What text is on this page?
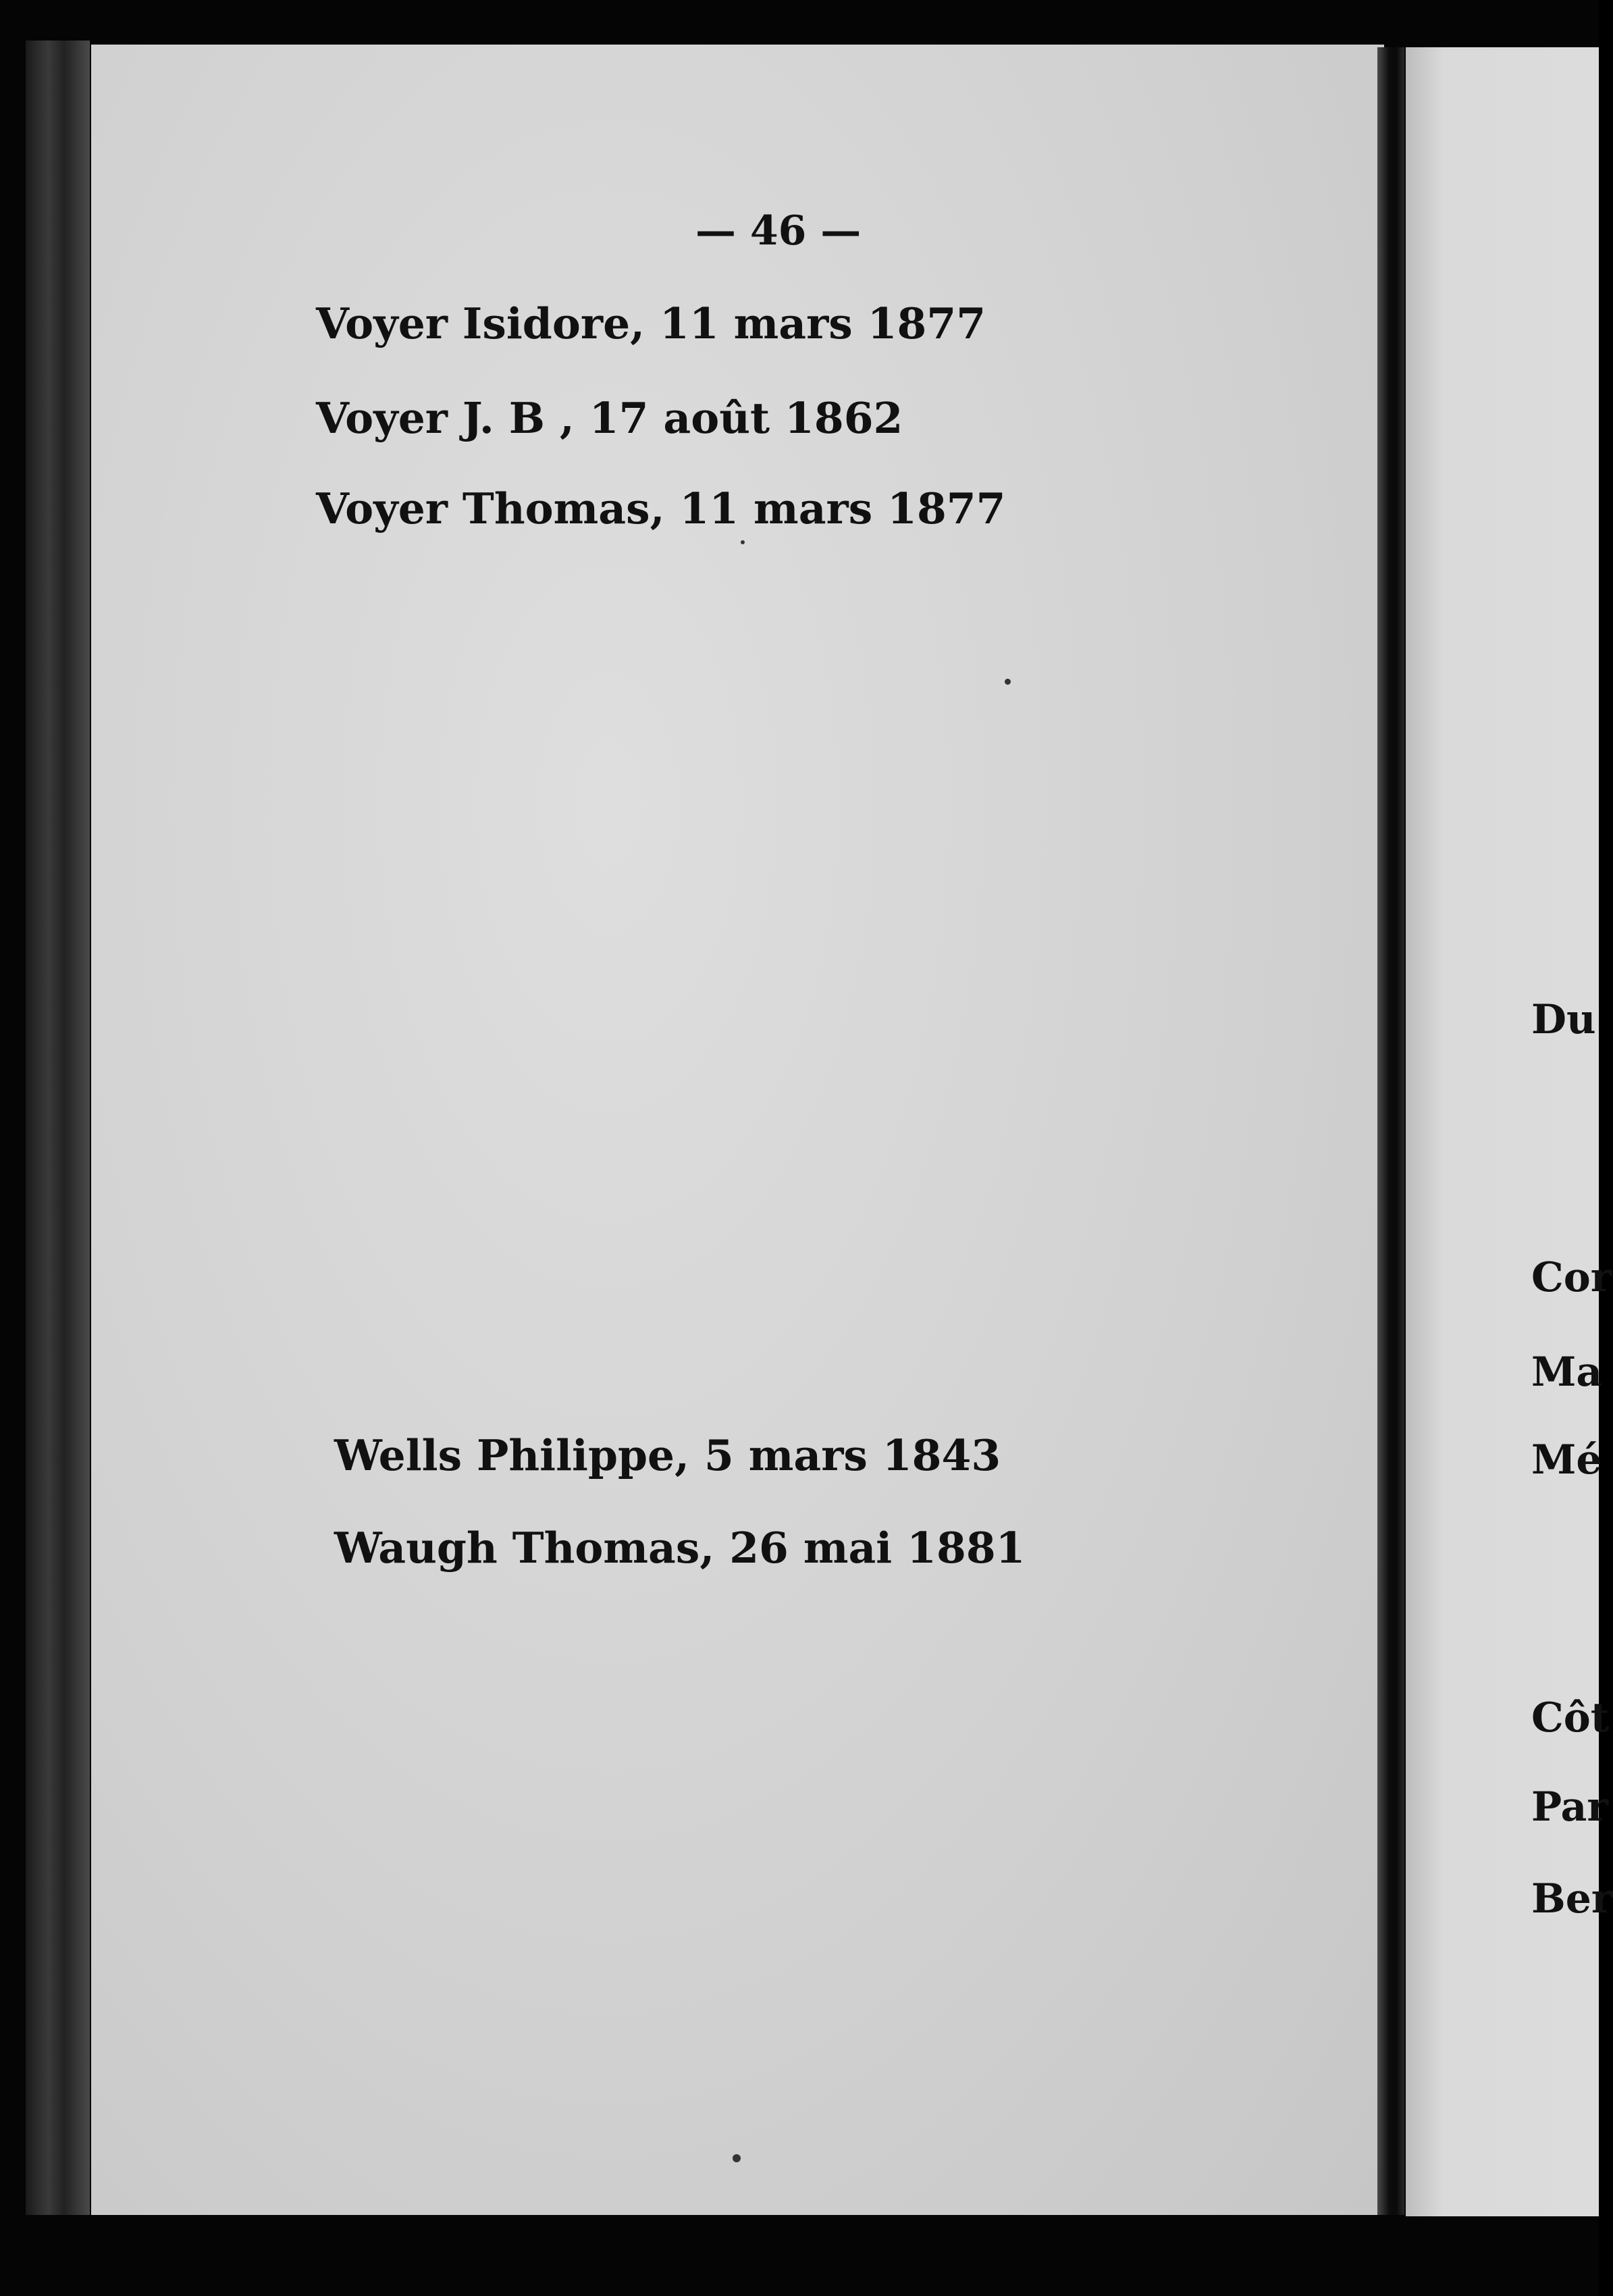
— 46 —
Voyer Isidore, 11 mars 1877
Voyer J. B , 17 août 1862
Voyer Thomas, 11 mars 1877
Wells Philippe, 5 mars 1843
Waugh Thomas, 26 mai 1881
Du
Cor
Ma
Mé
Côt
Par
Ber
